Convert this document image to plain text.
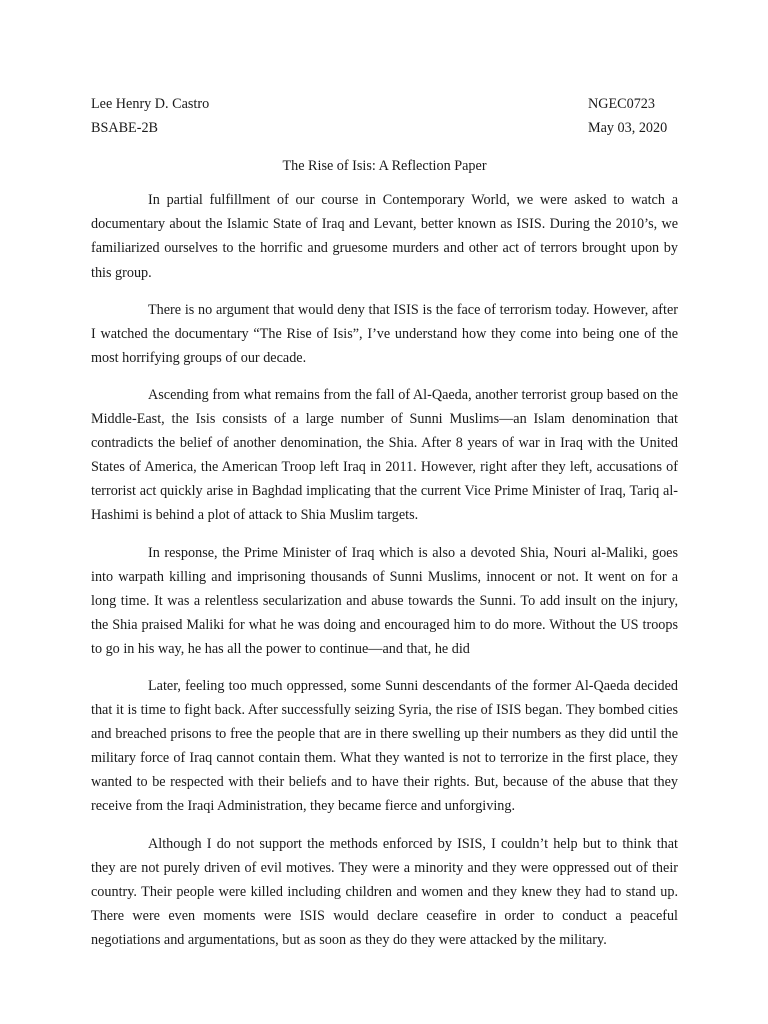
Lee Henry D. Castro	NGEC0723
BSABE-2B	May 03, 2020
The Rise of Isis: A Reflection Paper

In partial fulfillment of our course in Contemporary World, we were asked to watch a documentary about the Islamic State of Iraq and Levant, better known as ISIS. During the 2010’s, we familiarized ourselves to the horrific and gruesome murders and other act of terrors brought upon by this group.

There is no argument that would deny that ISIS is the face of terrorism today. However, after I watched the documentary “The Rise of Isis”, I’ve understand how they come into being one of the most horrifying groups of our decade.

Ascending from what remains from the fall of Al-Qaeda, another terrorist group based on the Middle-East, the Isis consists of a large number of Sunni Muslims—an Islam denomination that contradicts the belief of another denomination, the Shia. After 8 years of war in Iraq with the United States of America, the American Troop left Iraq in 2011. However, right after they left, accusations of terrorist act quickly arise in Baghdad implicating that the current Vice Prime Minister of Iraq, Tariq al-Hashimi is behind a plot of attack to Shia Muslim targets.

In response, the Prime Minister of Iraq which is also a devoted Shia, Nouri al-Maliki, goes into warpath killing and imprisoning thousands of Sunni Muslims, innocent or not. It went on for a long time. It was a relentless secularization and abuse towards the Sunni. To add insult on the injury, the Shia praised Maliki for what he was doing and encouraged him to do more. Without the US troops to go in his way, he has all the power to continue—and that, he did

Later, feeling too much oppressed, some Sunni descendants of the former Al-Qaeda decided that it is time to fight back. After successfully seizing Syria, the rise of ISIS began. They bombed cities and breached prisons to free the people that are in there swelling up their numbers as they did until the military force of Iraq cannot contain them. What they wanted is not to terrorize in the first place, they wanted to be respected with their beliefs and to have their rights. But, because of the abuse that they receive from the Iraqi Administration, they became fierce and unforgiving.

Although I do not support the methods enforced by ISIS, I couldn’t help but to think that they are not purely driven of evil motives. They were a minority and they were oppressed out of their country. Their people were killed including children and women and they knew they had to stand up. There were even moments were ISIS would declare ceasefire in order to conduct a peaceful negotiations and argumentations, but as soon as they do they were attacked by the military.
